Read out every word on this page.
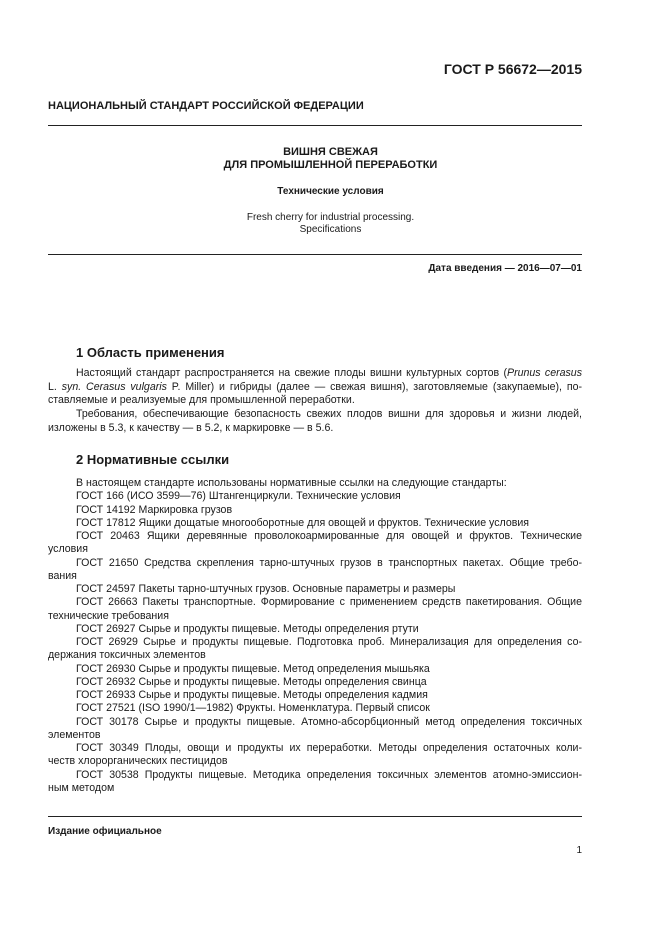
ГОСТ Р 56672—2015
НАЦИОНАЛЬНЫЙ СТАНДАРТ РОССИЙСКОЙ ФЕДЕРАЦИИ
ВИШНЯ СВЕЖАЯ
ДЛЯ ПРОМЫШЛЕННОЙ ПЕРЕРАБОТКИ
Технические условия
Fresh cherry for industrial processing.
Specifications
Дата введения — 2016—07—01
1 Область применения
Настоящий стандарт распространяется на свежие плоды вишни культурных сортов (Prunus cerasus
L. syn. Cerasus vulgaris P. Miller) и гибриды (далее — свежая вишня), заготовляемые (закупаемые), по-
ставляемые и реализуемые для промышленной переработки.
Требования, обеспечивающие безопасность свежих плодов вишни для здоровья и жизни людей,
изложены в 5.3, к качеству — в 5.2, к маркировке — в 5.6.
2 Нормативные ссылки
В настоящем стандарте использованы нормативные ссылки на следующие стандарты:
ГОСТ 166 (ИСО 3599—76) Штангенциркули. Технические условия
ГОСТ 14192 Маркировка грузов
ГОСТ 17812 Ящики дощатые многооборотные для овощей и фруктов. Технические условия
ГОСТ 20463 Ящики деревянные проволокоармированные для овощей и фруктов. Технические
условия
ГОСТ 21650 Средства скрепления тарно-штучных грузов в транспортных пакетах. Общие требо-
вания
ГОСТ 24597 Пакеты тарно-штучных грузов. Основные параметры и размеры
ГОСТ 26663 Пакеты транспортные. Формирование с применением средств пакетирования. Общие
технические требования
ГОСТ 26927 Сырье и продукты пищевые. Методы определения ртути
ГОСТ 26929 Сырье и продукты пищевые. Подготовка проб. Минерализация для определения со-
держания токсичных элементов
ГОСТ 26930 Сырье и продукты пищевые. Метод определения мышьяка
ГОСТ 26932 Сырье и продукты пищевые. Методы определения свинца
ГОСТ 26933 Сырье и продукты пищевые. Методы определения кадмия
ГОСТ 27521 (ISO 1990/1—1982) Фрукты. Номенклатура. Первый список
ГОСТ 30178 Сырье и продукты пищевые. Атомно-абсорбционный метод определения токсичных
элементов
ГОСТ 30349 Плоды, овощи и продукты их переработки. Методы определения остаточных коли-
честв хлорорганических пестицидов
ГОСТ 30538 Продукты пищевые. Методика определения токсичных элементов атомно-эмиссион-
ным методом
Издание официальное
1
